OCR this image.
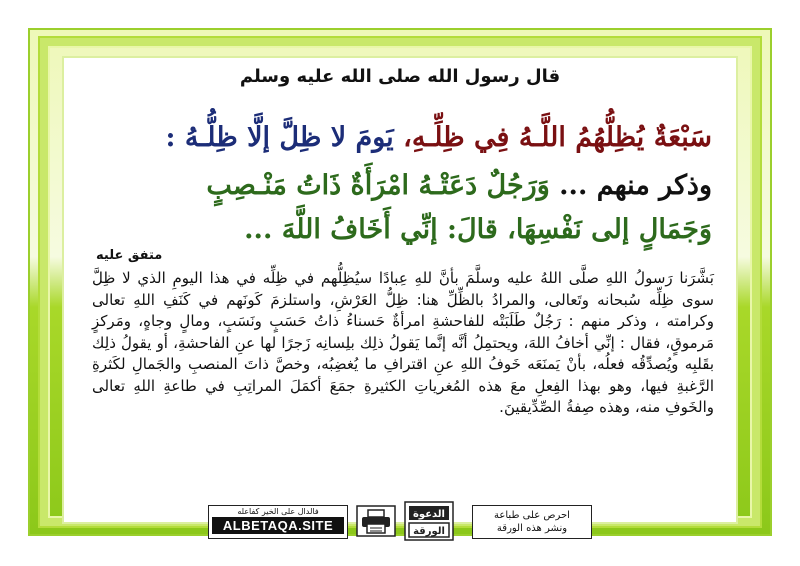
قال رسول الله صلى الله عليه وسلم
سَبْعَةٌ يُظِلُّهُمُ اللَّـهُ فِي ظِلِّـهِ، يَومَ لا ظِلَّ إلَّا ظِلُّـهُ :
وذكر منهم ... وَرَجُلٌ دَعَتْـهُ امْرَأَةٌ ذَاتُ مَنْـصِبٍ
وَجَمَالٍ إلى نَفْسِهَا، قالَ: إنِّي أَخَافُ اللَّهَ ...
متفق عليه
بَشَّرَنا رَسولُ اللهِ صلَّى اللهُ عليه وسلَّمَ بأنَّ للهِ عِبادًا سيُظِلُّهم في ظِلِّه في هذا اليومِ الذي لا ظِلَّ سوى ظِلِّه سُبحانه وتَعالى، والمرادُ بالظِّلِّ هنا: ظِلُّ العَرْشِ، واستلزمَ كَونَهم في كَنَفِ اللهِ تعالى وكرامته ، وذكر منهم : رَجُلٌ طَلَبَتْه للفاحشةِ امرأةٌ حَسناءُ ذاتُ حَسَبٍ ونَسَبٍ، ومالٍ وجاهٍ، ومَركزٍ مَرموقٍ، فقال : إنِّي أخافُ اللهَ، ويحتمِلُ أنَّه إنَّما يَقولُ ذلِك بلِسانِه زَجرًا لها عنِ الفاحشةِ، أو يقولُ ذلِك بقَلبِه ويُصدِّقُه فعلُه، بأنْ يَمنَعَه خَوفُ اللهِ عنِ اقترافِ ما يُغضِبُه، وخصَّ ذاتَ المنصبِ والجَمالِ لكَثرةِ الرَّغبةِ فيها، وهو بهذا الفِعلِ معَ هذه المُغرياتِ الكثيرةِ جمَعَ أكمَلَ المراتِبِ في طاعةِ اللهِ تعالى والخَوفِ منه، وهذه صِفةُ الصِّدِّيقينَ.
احرص على طباعة
ونشر هذه الورقة
الدعوة
الورقة
فالدال على الخير كفاعله
ALBETAQA.SITE
